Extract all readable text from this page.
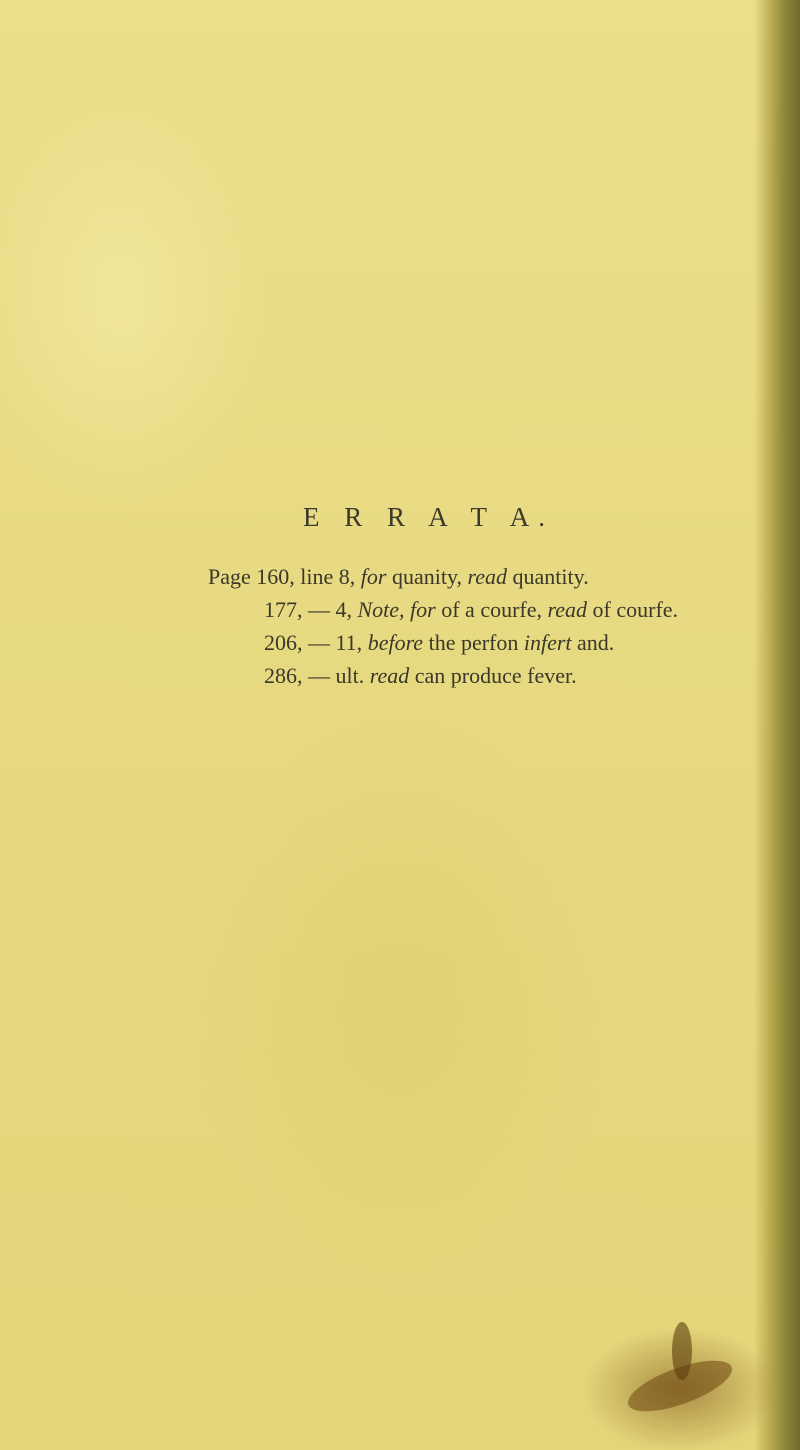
E R R A T A.
Page 160, line 8, for quanity, read quantity.
177, — 4, Note, for of a courfe, read of courfe.
206, — 11, before the perfon infert and.
286, — ult. read can produce fever.
